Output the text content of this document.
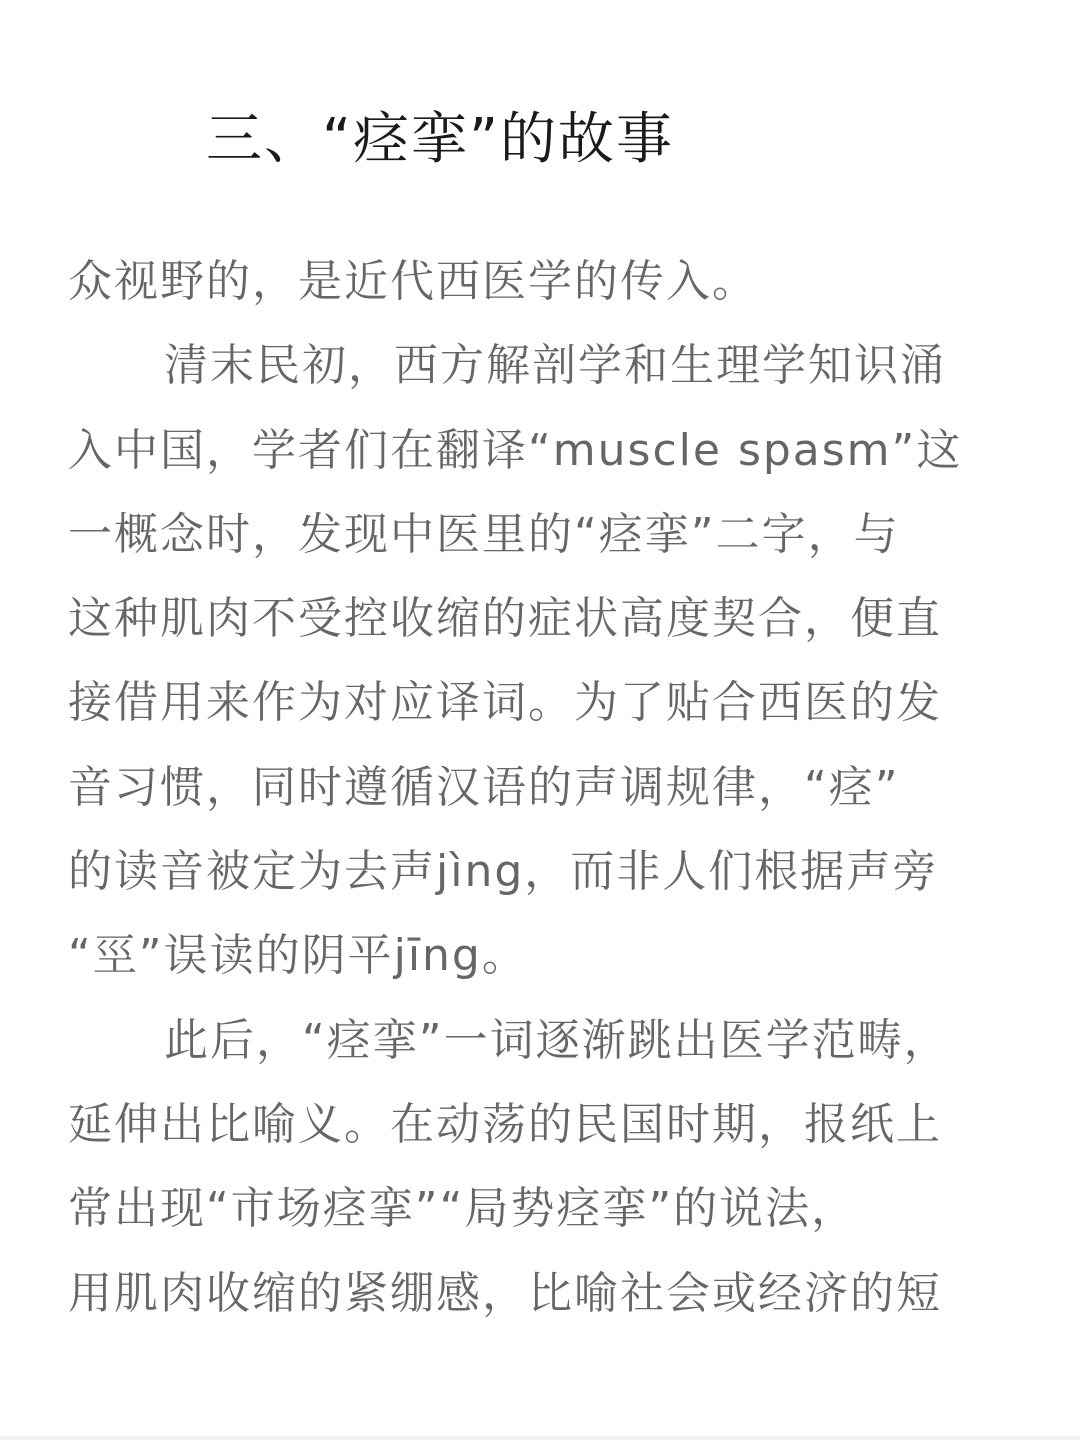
三、“痉挛”的故事
众视野的，是近代西医学的传入。
清末民初，西方解剖学和生理学知识涌
入中国，学者们在翻译“muscle spasm”这
一概念时，发现中医里的“痉挛”二字，与
这种肌肉不受控收缩的症状高度契合，便直
接借用来作为对应译词。为了贴合西医的发
音习惯，同时遵循汉语的声调规律，“痉”
的读音被定为去声jìng，而非人们根据声旁
“巠”误读的阴平jīng。
此后，“痉挛”一词逐渐跳出医学范畴，
延伸出比喻义。在动荡的民国时期，报纸上
常出现“市场痉挛”“局势痉挛”的说法，
用肌肉收缩的紧绷感，比喻社会或经济的短
